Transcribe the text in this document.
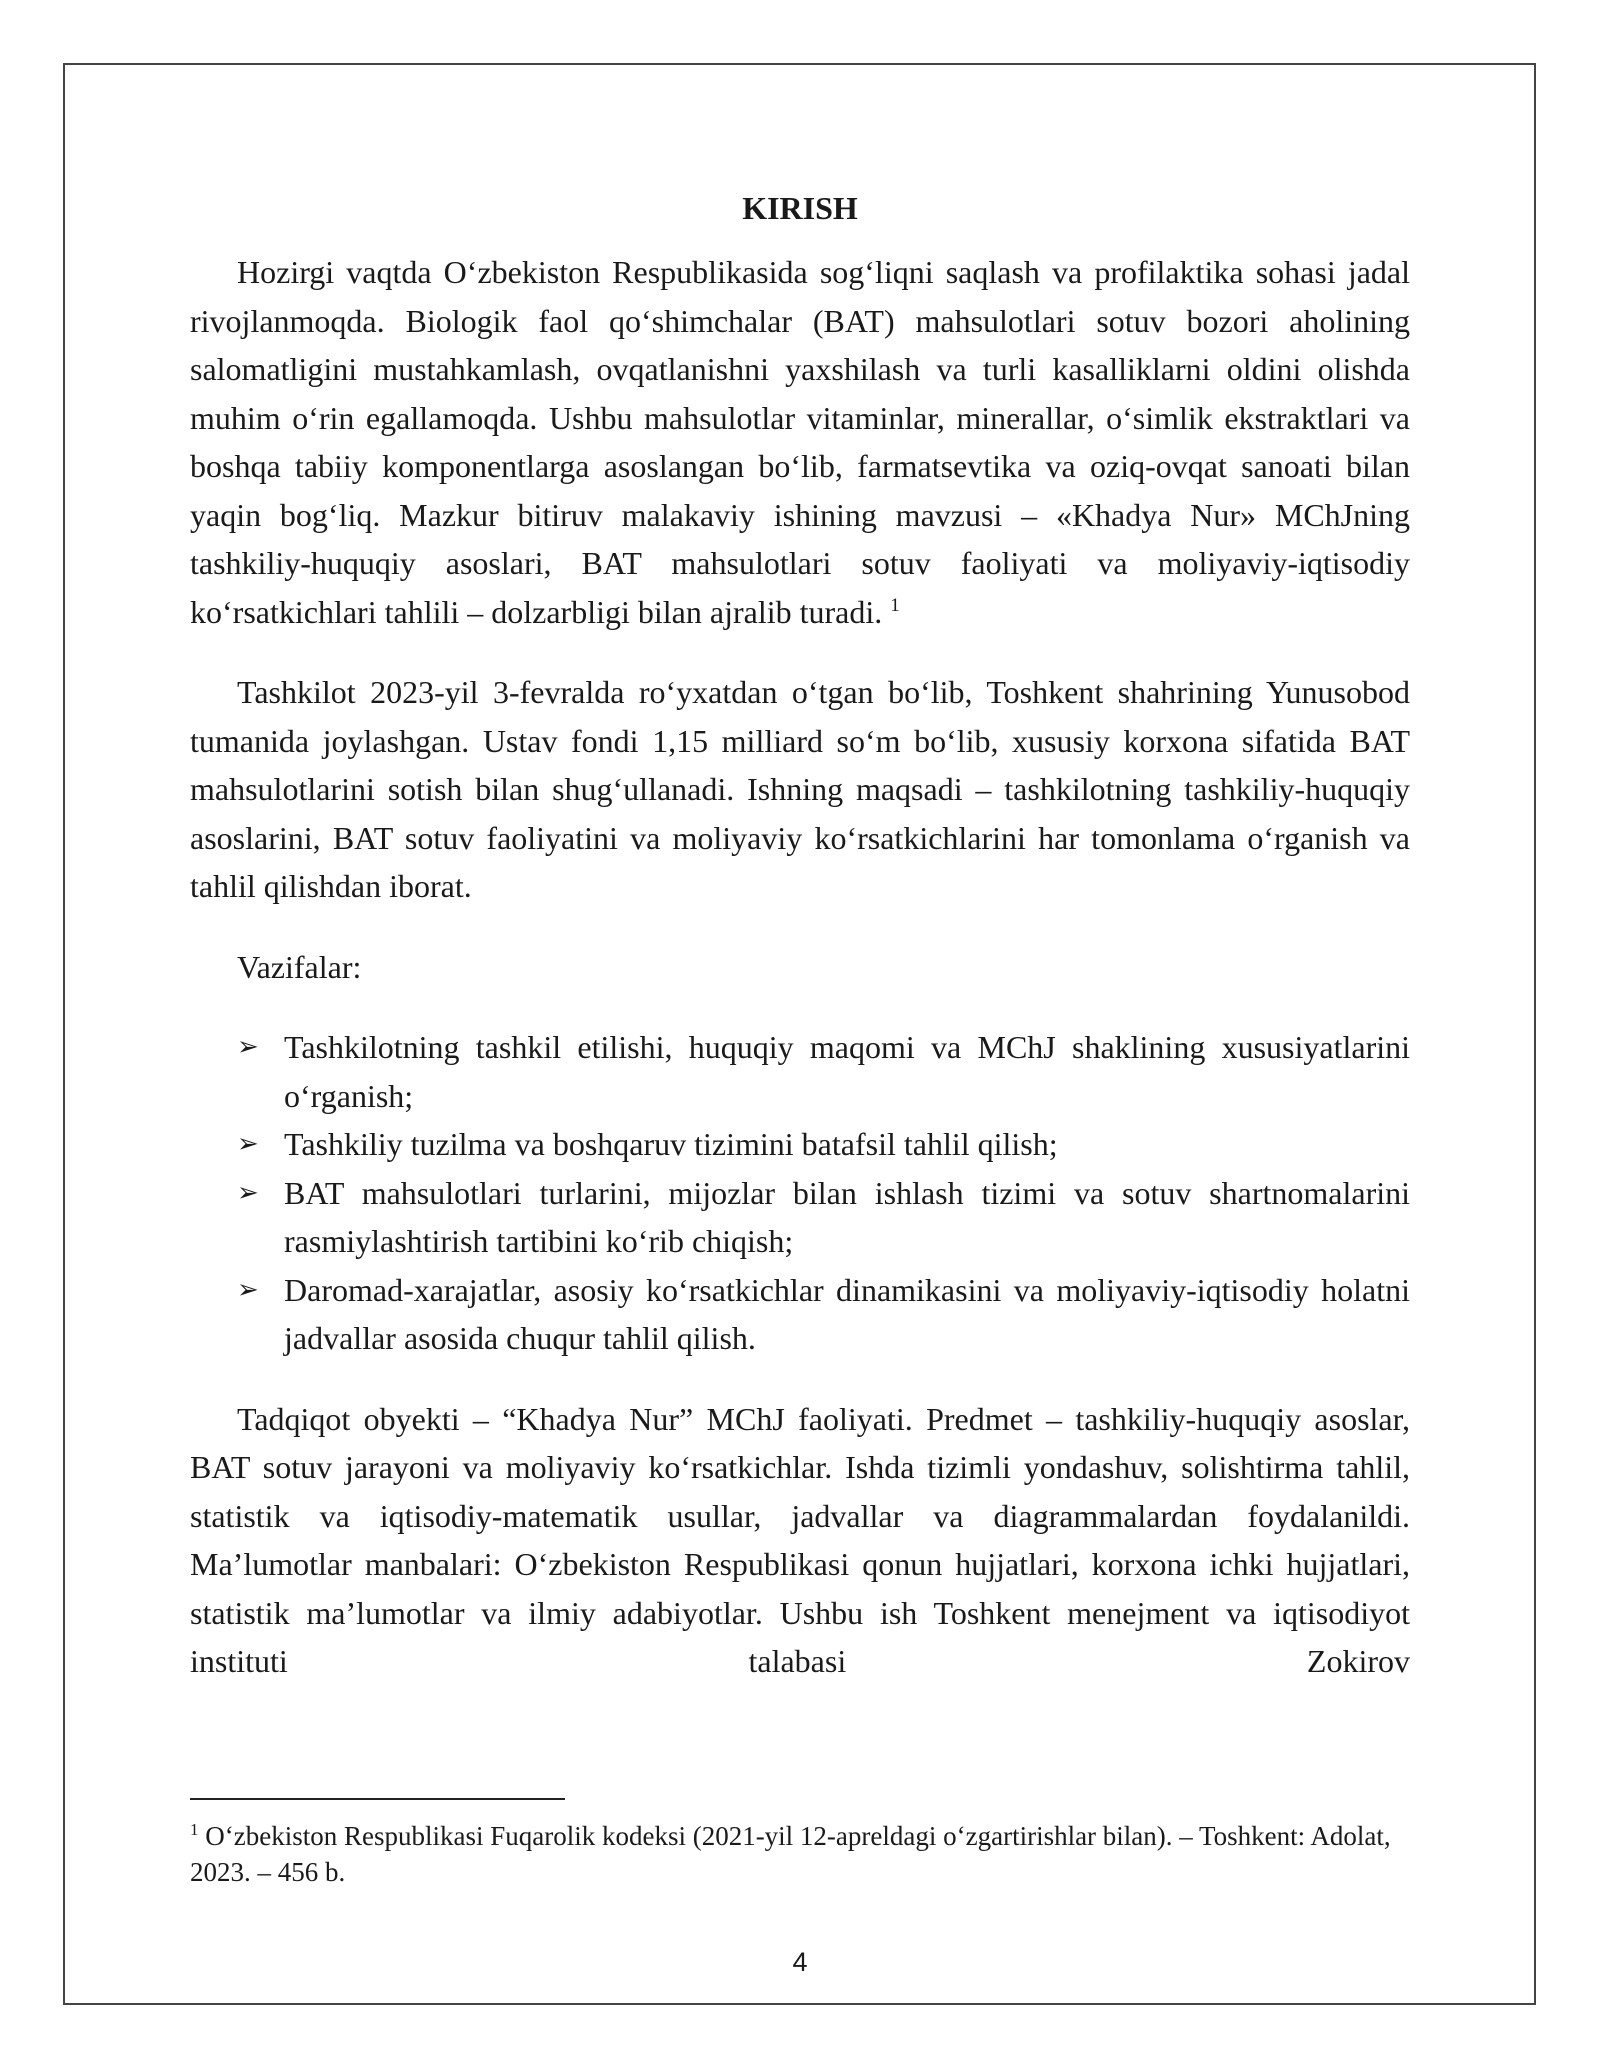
KIRISH

Hozirgi vaqtda O‘zbekiston Respublikasida sog‘liqni saqlash va profilaktika sohasi jadal rivojlanmoqda. Biologik faol qo‘shimchalar (BAT) mahsulotlari sotuv bozori aholining salomatligini mustahkamlash, ovqatlanishni yaxshilash va turli kasalliklarni oldini olishda muhim o‘rin egallamoqda. Ushbu mahsulotlar vitaminlar, minerallar, o‘simlik ekstraktlari va boshqa tabiiy komponentlarga asoslangan bo‘lib, farmatsevtika va oziq-ovqat sanoati bilan yaqin bog‘liq. Mazkur bitiruv malakaviy ishining mavzusi – «Khadya Nur» MChJning tashkiliy-huquqiy asoslari, BAT mahsulotlari sotuv faoliyati va moliyaviy-iqtisodiy ko‘rsatkichlari tahlili – dolzarbligi bilan ajralib turadi. $^1$

Tashkilot 2023-yil 3-fevralda ro‘yxatdan o‘tgan bo‘lib, Toshkent shahrining Yunusobod tumanida joylashgan. Ustav fondi 1,15 milliard so‘m bo‘lib, xususiy korxona sifatida BAT mahsulotlarini sotish bilan shug‘ullanadi. Ishning maqsadi – tashkilotning tashkiliy-huquqiy asoslarini, BAT sotuv faoliyatini va moliyaviy ko‘rsatkichlarini har tomonlama o‘rganish va tahlil qilishdan iborat.

Vazifalar:
➢ Tashkilotning tashkil etilishi, huquqiy maqomi va MChJ shaklining xususiyatlarini o‘rganish;
➢ Tashkiliy tuzilma va boshqaruv tizimini batafsil tahlil qilish;
➢ BAT mahsulotlari turlarini, mijozlar bilan ishlash tizimi va sotuv shartnomalarini rasmiylashtirish tartibini ko‘rib chiqish;
➢ Daromad-xarajatlar, asosiy ko‘rsatkichlar dinamikasini va moliyaviy-iqtisodiy holatni jadvallar asosida chuqur tahlil qilish.

Tadqiqot obyekti – “Khadya Nur” MChJ faoliyati. Predmet – tashkiliy-huquqiy asoslar, BAT sotuv jarayoni va moliyaviy ko‘rsatkichlar. Ishda tizimli yondashuv, solishtirma tahlil, statistik va iqtisodiy-matematik usullar, jadvallar va diagrammalardan foydalanildi. Ma’lumotlar manbalari: O‘zbekiston Respublikasi qonun hujjatlari, korxona ichki hujjatlari, statistik ma’lumotlar va ilmiy adabiyotlar. Ushbu ish Toshkent menejment va iqtisodiyot instituti talabasi Zokirov

$^1$ O‘zbekiston Respublikasi Fuqarolik kodeksi (2021-yil 12-apreldagi o‘zgartirishlar bilan). – Toshkent: Adolat, 2023. – 456 b.
4
